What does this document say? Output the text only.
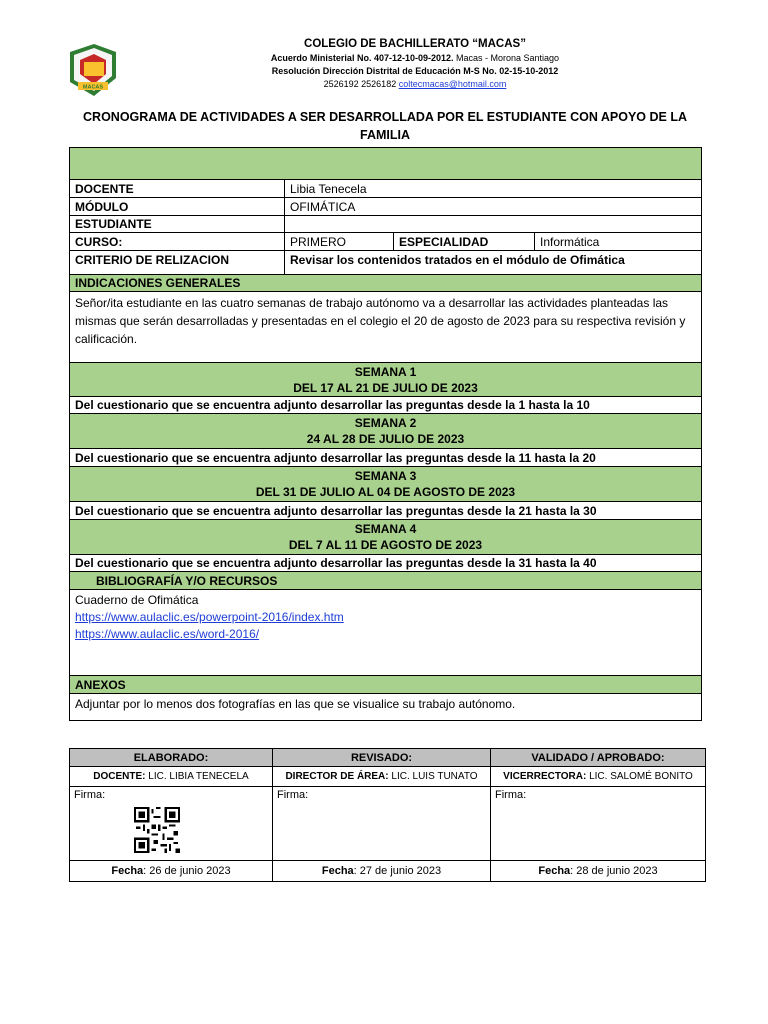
MACAS
COLEGIO DE BACHILLERATO “MACAS”
Acuerdo Ministerial No. 407-12-10-09-2012. Macas - Morona Santiago
Resolución Dirección Distrital de Educación M-S No. 02-15-10-2012
2526192 2526182 coltecmacas@hotmail.com
CRONOGRAMA DE ACTIVIDADES A SER DESARROLLADA POR EL ESTUDIANTE CON APOYO DE LA FAMILIA

DOCENTE	Libia Tenecela		
MÓDULO	OFIMÁTICA		
ESTUDIANTE			
CURSO:	PRIMERO	ESPECIALIDAD	Informática
CRITERIO DE RELIZACION	Revisar los contenidos tratados en el módulo de Ofimática		
INDICACIONES GENERALES			
Señor/ita estudiante en las cuatro semanas de trabajo autónomo va a desarrollar las actividades planteadas las mismas que serán desarrolladas y presentadas en el colegio el 20 de agosto de 2023 para su respectiva revisión y calificación.			

SEMANA 1
DEL 17 AL 21 DE JULIO DE 2023			

Del cuestionario que se encuentra adjunto desarrollar las preguntas desde la 1 hasta la 10			

SEMANA 2
24 AL 28 DE JULIO DE 2023			

Del cuestionario que se encuentra adjunto desarrollar las preguntas desde la 11 hasta la 20			

SEMANA 3
DEL 31 DE JULIO AL 04 DE AGOSTO DE 2023			

Del cuestionario que se encuentra adjunto desarrollar las preguntas desde la 21 hasta la 30			

SEMANA 4
DEL 7 AL 11 DE AGOSTO DE 2023			

Del cuestionario que se encuentra adjunto desarrollar las preguntas desde la 31 hasta la 40			
BIBLIOGRAFÍA Y/O RECURSOS			

Cuaderno de Ofimática
https://www.aulaclic.es/powerpoint-2016/index.htm
https://www.aulaclic.es/word-2016/			

ANEXOS			
Adjuntar por lo menos dos fotografías en las que se visualice su trabajo autónomo.			
ELABORADO:	REVISADO:	VALIDADO / APROBADO:
DOCENTE: LIC. LIBIA TENECELA	DIRECTOR DE ÁREA: LIC. LUIS TUNATO	VICERRECTORA: LIC. SALOMÉ BONITO

Firma:	Firma:	Firma:

Fecha: 26 de junio 2023	Fecha: 27 de junio 2023	Fecha: 28 de junio 2023
